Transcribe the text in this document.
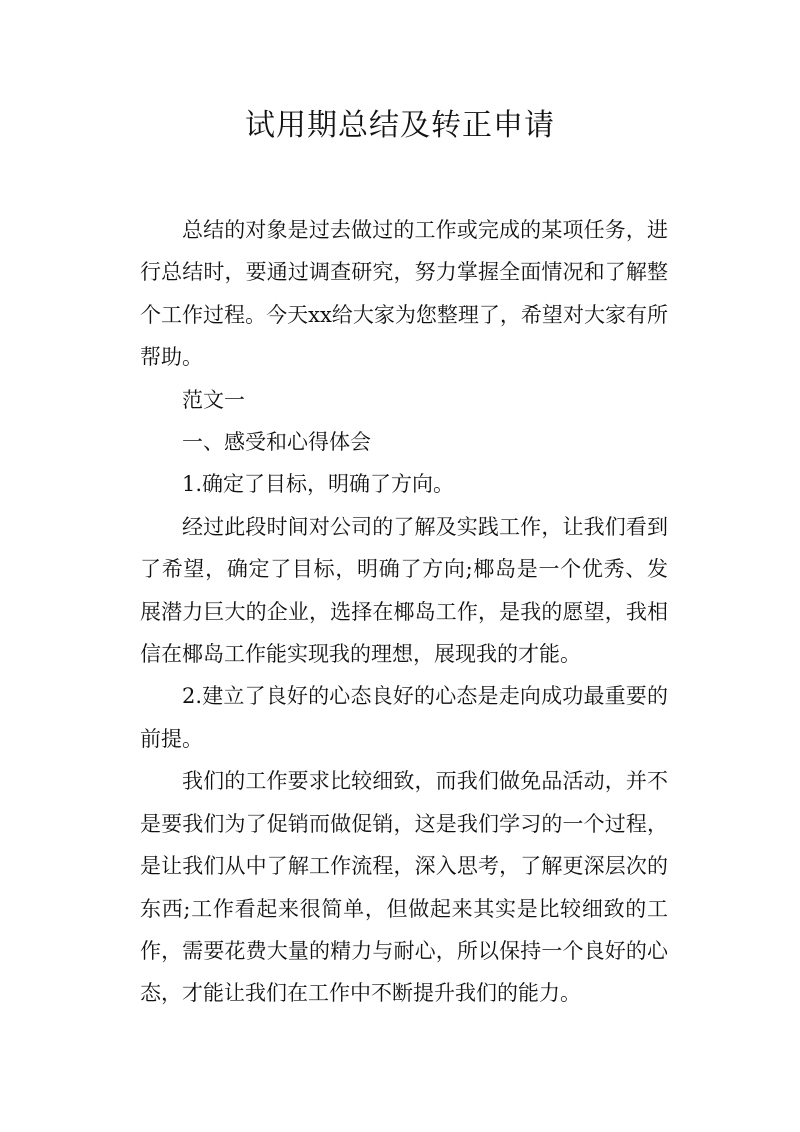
试用期总结及转正申请

总结的对象是过去做过的工作或完成的某项任务，进行总结时，要通过调查研究，努力掌握全面情况和了解整个工作过程。今天xx给大家为您整理了，希望对大家有所帮助。

范文一

一、感受和心得体会

1.确定了目标，明确了方向。

经过此段时间对公司的了解及实践工作，让我们看到了希望，确定了目标，明确了方向;椰岛是一个优秀、发展潜力巨大的企业，选择在椰岛工作，是我的愿望，我相信在椰岛工作能实现我的理想，展现我的才能。

2.建立了良好的心态良好的心态是走向成功最重要的前提。

我们的工作要求比较细致，而我们做免品活动，并不是要我们为了促销而做促销，这是我们学习的一个过程，是让我们从中了解工作流程，深入思考，了解更深层次的东西;工作看起来很简单，但做起来其实是比较细致的工作，需要花费大量的精力与耐心，所以保持一个良好的心态，才能让我们在工作中不断提升我们的能力。
